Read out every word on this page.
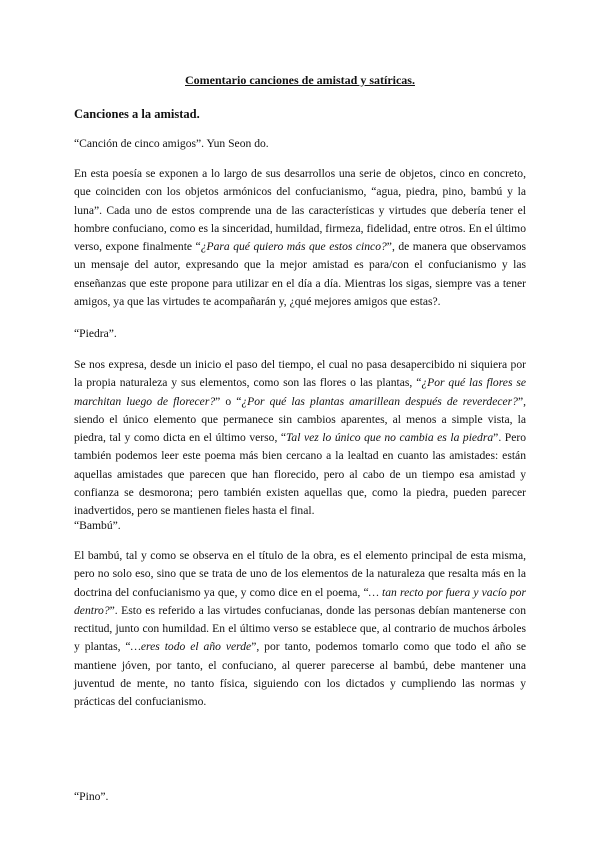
Comentario canciones de amistad y satíricas.
Canciones a la amistad.
“Canción de cinco amigos”. Yun Seon do.

En esta poesía se exponen a lo largo de sus desarrollos una serie de objetos, cinco en concreto, que coinciden con los objetos armónicos del confucianismo, “agua, piedra, pino, bambú y la luna”. Cada uno de estos comprende una de las características y virtudes que debería tener el hombre confuciano, como es la sinceridad, humildad, firmeza, fidelidad, entre otros. En el último verso, expone finalmente “¿Para qué quiero más que estos cinco?”, de manera que observamos un mensaje del autor, expresando que la mejor amistad es para/con el confucianismo y las enseñanzas que este propone para utilizar en el día a día. Mientras los sigas, siempre vas a tener amigos, ya que las virtudes te acompañarán y, ¿qué mejores amigos que estas?.

“Piedra”.

Se nos expresa, desde un inicio el paso del tiempo, el cual no pasa desapercibido ni siquiera por la propia naturaleza y sus elementos, como son las flores o las plantas, “¿Por qué las flores se marchitan luego de florecer?” o “¿Por qué las plantas amarillean después de reverdecer?”, siendo el único elemento que permanece sin cambios aparentes, al menos a simple vista, la piedra, tal y como dicta en el último verso, “Tal vez lo único que no cambia es la piedra”. Pero también podemos leer este poema más bien cercano a la lealtad en cuanto las amistades: están aquellas amistades que parecen que han florecido, pero al cabo de un tiempo esa amistad y confianza se desmorona; pero también existen aquellas que, como la piedra, pueden parecer inadvertidos, pero se mantienen fieles hasta el final.

“Bambú”.

El bambú, tal y como se observa en el título de la obra, es el elemento principal de esta misma, pero no solo eso, sino que se trata de uno de los elementos de la naturaleza que resalta más en la doctrina del confucianismo ya que, y como dice en el poema, “… tan recto por fuera y vacío por dentro?”. Esto es referido a las virtudes confucianas, donde las personas debían mantenerse con rectitud, junto con humildad. En el último verso se establece que, al contrario de muchos árboles y plantas, “…eres todo el año verde”, por tanto, podemos tomarlo como que todo el año se mantiene jóven, por tanto, el confuciano, al querer parecerse al bambú, debe mantener una juventud de mente, no tanto física, siguiendo con los dictados y cumpliendo las normas y prácticas del confucianismo.

“Pino”.
